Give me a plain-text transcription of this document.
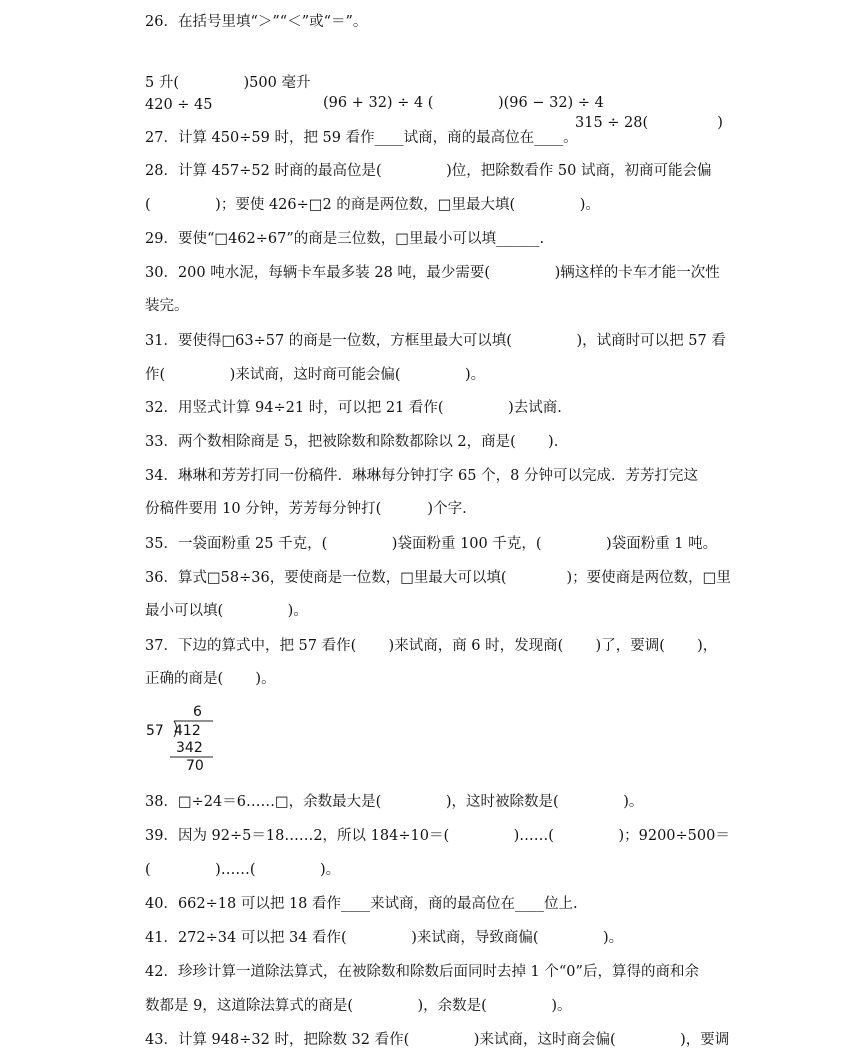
26．在括号里填“＞”“＜”或“＝”。

5 升(              )500 毫升

(96 + 32) ÷ 4 (              )(96 − 32) ÷ 4

315 ÷ 28(               )

420 ÷ 45
27．计算 450÷59 时，把 59 看作____试商，商的最高位在____。
28．计算 457÷52 时商的最高位是(              )位，把除数看作 50 试商，初商可能会偏
(              )；要使 426÷□2 的商是两位数，□里最大填(              )。
29．要使“□462÷67”的商是三位数，□里最小可以填______.
30．200 吨水泥，每辆卡车最多装 28 吨，最少需要(              )辆这样的卡车才能一次性
装完。
31．要使得□63÷57 的商是一位数，方框里最大可以填(              )，试商时可以把 57 看
作(              )来试商，这时商可能会偏(              )。
32．用竖式计算 94÷21 时，可以把 21 看作(              )去试商.
33．两个数相除商是 5，把被除数和除数都除以 2，商是(       ).
34．琳琳和芳芳打同一份稿件．琳琳每分钟打字 65 个，8 分钟可以完成．芳芳打完这
份稿件要用 10 分钟，芳芳每分钟打(          )个字.
35．一袋面粉重 25 千克，(              )袋面粉重 100 千克，(              )袋面粉重 1 吨。
36．算式□58÷36，要使商是一位数，□里最大可以填(             )；要使商是两位数，□里
最小可以填(              )。
37．下边的算式中，把 57 看作(       )来试商，商 6 时，发现商(       )了，要调(       )，
正确的商是(       )。
6
57 412
342
70
38．□÷24＝6……□，余数最大是(              )，这时被除数是(              )。
39．因为 92÷5＝18……2，所以 184÷10＝(              )……(              )；9200÷500＝
(              )……(              )。
40．662÷18 可以把 18 看作____来试商，商的最高位在____位上.
41．272÷34 可以把 34 看作(              )来试商，导致商偏(              )。
42．珍珍计算一道除法算式，在被除数和除数后面同时去掉 1 个“0”后，算得的商和余
数都是 9，这道除法算式的商是(              )，余数是(              )。
43．计算 948÷32 时，把除数 32 看作(              )来试商，这时商会偏(              )，要调
